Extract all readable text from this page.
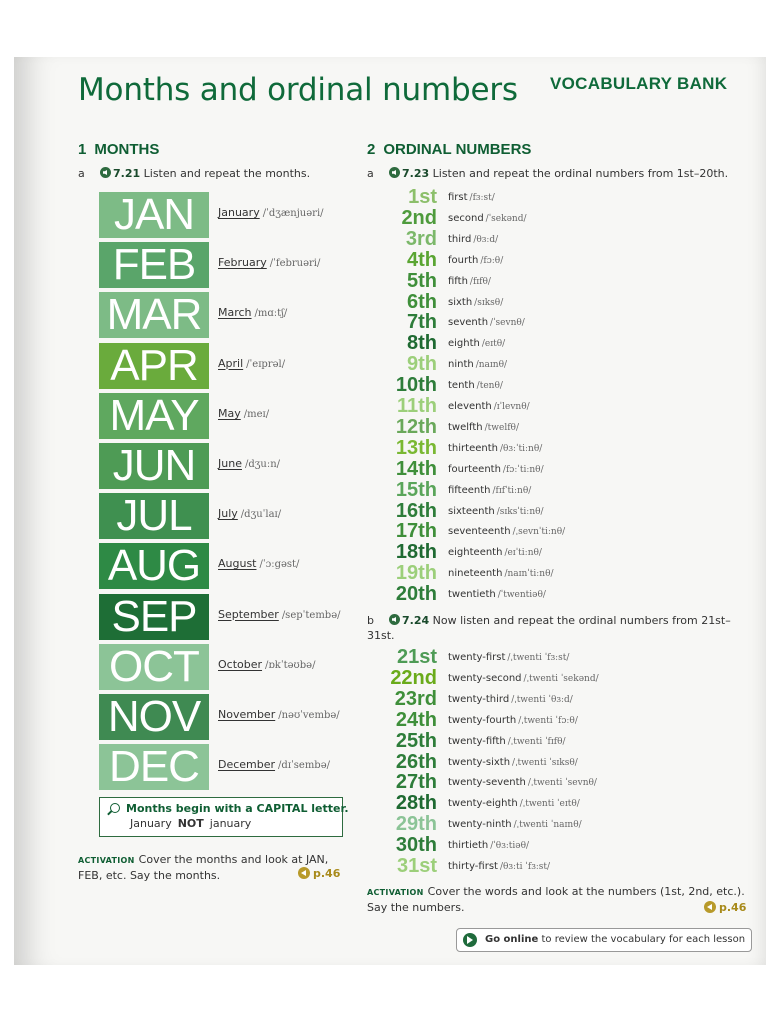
Months and ordinal numbers VOCABULARY BANK
1 MONTHS
a	7.21 Listen and repeat the months.
JAN	January /ˈdʒænjuəri/
FEB	February /ˈfebruəri/
MAR	March /mɑːtʃ/
APR	April /ˈeɪprəl/
MAY	May /meɪ/
JUN	June /dʒuːn/
JUL	July /dʒuˈlaɪ/
AUG	August /ˈɔːgəst/
SEP	September /sepˈtembə/
OCT	October /ɒkˈtəʊbə/
NOV	November /nəʊˈvembə/
DEC	December /dɪˈsembə/
Months begin with a CAPITAL letter.
January NOT january
ACTIVATION Cover the months and look at JAN, FEB, etc. Say the months.	p.46
2 ORDINAL NUMBERS
a	7.23 Listen and repeat the ordinal numbers from 1st–20th.
1st first /fɜːst/
2nd second /ˈsekənd/
3rd third /θɜːd/
4th fourth /fɔːθ/
5th fifth /fɪfθ/
6th sixth /sɪksθ/
7th seventh /ˈsevnθ/
8th eighth /eɪtθ/
9th ninth /naɪnθ/
10th tenth /tenθ/
11th eleventh /ɪˈlevnθ/
12th twelfth /twelfθ/
13th thirteenth /θɜːˈtiːnθ/
14th fourteenth /fɔːˈtiːnθ/
15th fifteenth /fɪfˈtiːnθ/
16th sixteenth /sɪksˈtiːnθ/
17th seventeenth /ˌsevnˈtiːnθ/
18th eighteenth /eɪˈtiːnθ/
19th nineteenth /naɪnˈtiːnθ/
20th twentieth /ˈtwentiəθ/
b	7.24 Now listen and repeat the ordinal numbers from 21st–31st.
21st twenty-first /ˌtwenti ˈfɜːst/
22nd twenty-second /ˌtwenti ˈsekənd/
23rd twenty-third /ˌtwenti ˈθɜːd/
24th twenty-fourth /ˌtwenti ˈfɔːθ/
25th twenty-fifth /ˌtwenti ˈfɪfθ/
26th twenty-sixth /ˌtwenti ˈsɪksθ/
27th twenty-seventh /ˌtwenti ˈsevnθ/
28th twenty-eighth /ˌtwenti ˈeɪtθ/
29th twenty-ninth /ˌtwenti ˈnaɪnθ/
30th thirtieth /ˈθɜːtiəθ/
31st thirty-first /θɜːti ˈfɜːst/
ACTIVATION Cover the words and look at the numbers (1st, 2nd, etc.). Say the numbers.	p.46
Go online to review the vocabulary for each lesson
